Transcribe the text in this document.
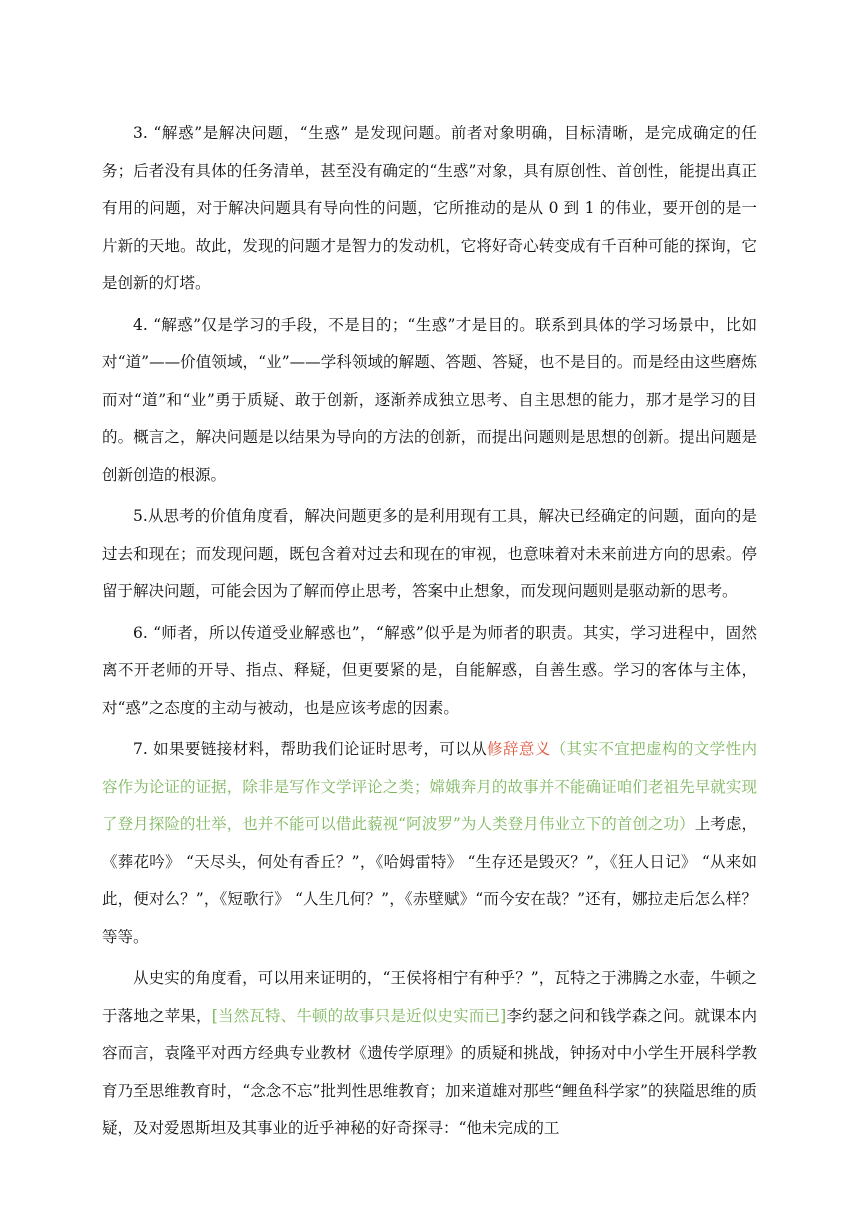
3. “解惑”是解决问题，“生惑” 是发现问题。前者对象明确，目标清晰，是完成确定的任务；后者没有具体的任务清单，甚至没有确定的“生惑”对象，具有原创性、首创性，能提出真正有用的问题，对于解决问题具有导向性的问题，它所推动的是从 0 到 1 的伟业，要开创的是一片新的天地。故此，发现的问题才是智力的发动机，它将好奇心转变成有千百种可能的探询，它是创新的灯塔。

4. “解惑”仅是学习的手段，不是目的；“生惑”才是目的。联系到具体的学习场景中，比如对“道”——价值领域，“业”——学科领域的解题、答题、答疑，也不是目的。而是经由这些磨炼而对“道”和“业”勇于质疑、敢于创新，逐渐养成独立思考、自主思想的能力，那才是学习的目的。概言之，解决问题是以结果为导向的方法的创新，而提出问题则是思想的创新。提出问题是创新创造的根源。

5.从思考的价值角度看，解决问题更多的是利用现有工具，解决已经确定的问题，面向的是过去和现在；而发现问题，既包含着对过去和现在的审视，也意味着对未来前进方向的思索。停留于解决问题，可能会因为了解而停止思考，答案中止想象，而发现问题则是驱动新的思考。

6. “师者，所以传道受业解惑也”，“解惑”似乎是为师者的职责。其实，学习进程中，固然离不开老师的开导、指点、释疑，但更要紧的是，自能解惑，自善生惑。学习的客体与主体，对“惑”之态度的主动与被动，也是应该考虑的因素。

7. 如果要链接材料，帮助我们论证时思考，可以从修辞意义（其实不宜把虚构的文学性内容作为论证的证据，除非是写作文学评论之类；嫦娥奔月的故事并不能确证咱们老祖先早就实现了登月探险的壮举，也并不能可以借此藐视“阿波罗”为人类登月伟业立下的首创之功）上考虑，《葬花吟》 “天尽头，何处有香丘？”，《哈姆雷特》 “生存还是毁灭？”，《狂人日记》 “从来如此，便对么？”，《短歌行》 “人生几何？”，《赤壁赋》“而今安在哉？”还有，娜拉走后怎么样？等等。

从史实的角度看，可以用来证明的，“王侯将相宁有种乎？”，瓦特之于沸腾之水壶，牛顿之于落地之苹果，[当然瓦特、牛顿的故事只是近似史实而已]李约瑟之问和钱学森之问。就课本内容而言，袁隆平对西方经典专业教材《遗传学原理》的质疑和挑战，钟扬对中小学生开展科学教育乃至思维教育时，“念念不忘”批判性思维教育；加来道雄对那些“鲤鱼科学家”的狭隘思维的质疑，及对爱恩斯坦及其事业的近乎神秘的好奇探寻：“他未完成的工
